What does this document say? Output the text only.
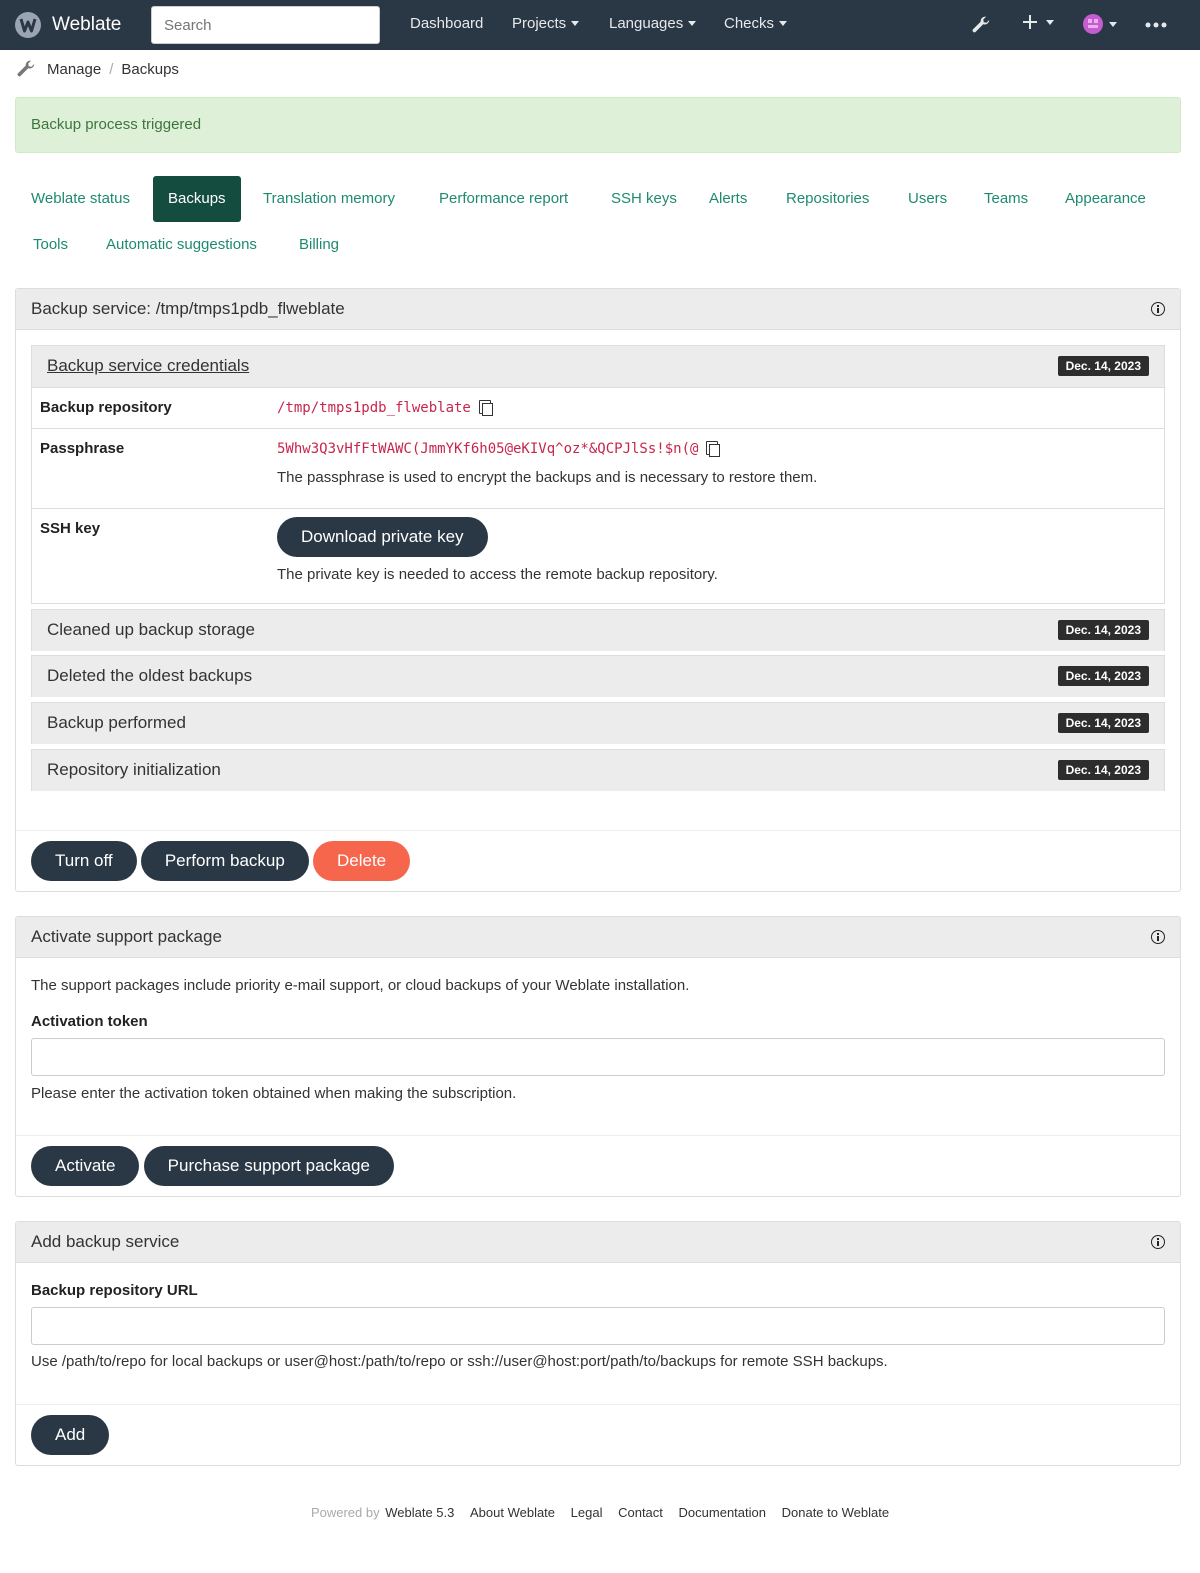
Weblate
Search	Dashboard Projects	Languages	Checks
Manage / Backups
Backup process triggered
Weblate status	Backups	Translation memory	Performance report	SSH keys	Alerts	Repositories	Users	Teams	Appearance
Tools	Automatic suggestions	Billing
Backup service: /tmp/tmps1pdb_flweblate
Backup service credentials	Dec. 14, 2023
Backup repository	/tmp/tmps1pdb_flweblate
Passphrase	5Whw3Q3vHfFtWAWC(JmmYKf6h05@eKIVq^oz*&QCPJlSs!$n(@
The passphrase is used to encrypt the backups and is necessary to restore them.
SSH key	Download private key
The private key is needed to access the remote backup repository.
Cleaned up backup storage	Dec. 14, 2023
Deleted the oldest backups	Dec. 14, 2023
Backup performed	Dec. 14, 2023
Repository initialization	Dec. 14, 2023
Turn off	Perform backup	Delete
Activate support package
The support packages include priority e-mail support, or cloud backups of your Weblate installation.
Activation token
Please enter the activation token obtained when making the subscription.
Activate	Purchase support package
Add backup service
Backup repository URL
Use /path/to/repo for local backups or user@host:/path/to/repo or ssh://user@host:port/path/to/backups for remote SSH backups.
Add
Powered by Weblate 5.3 About Weblate Legal Contact Documentation Donate to Weblate
